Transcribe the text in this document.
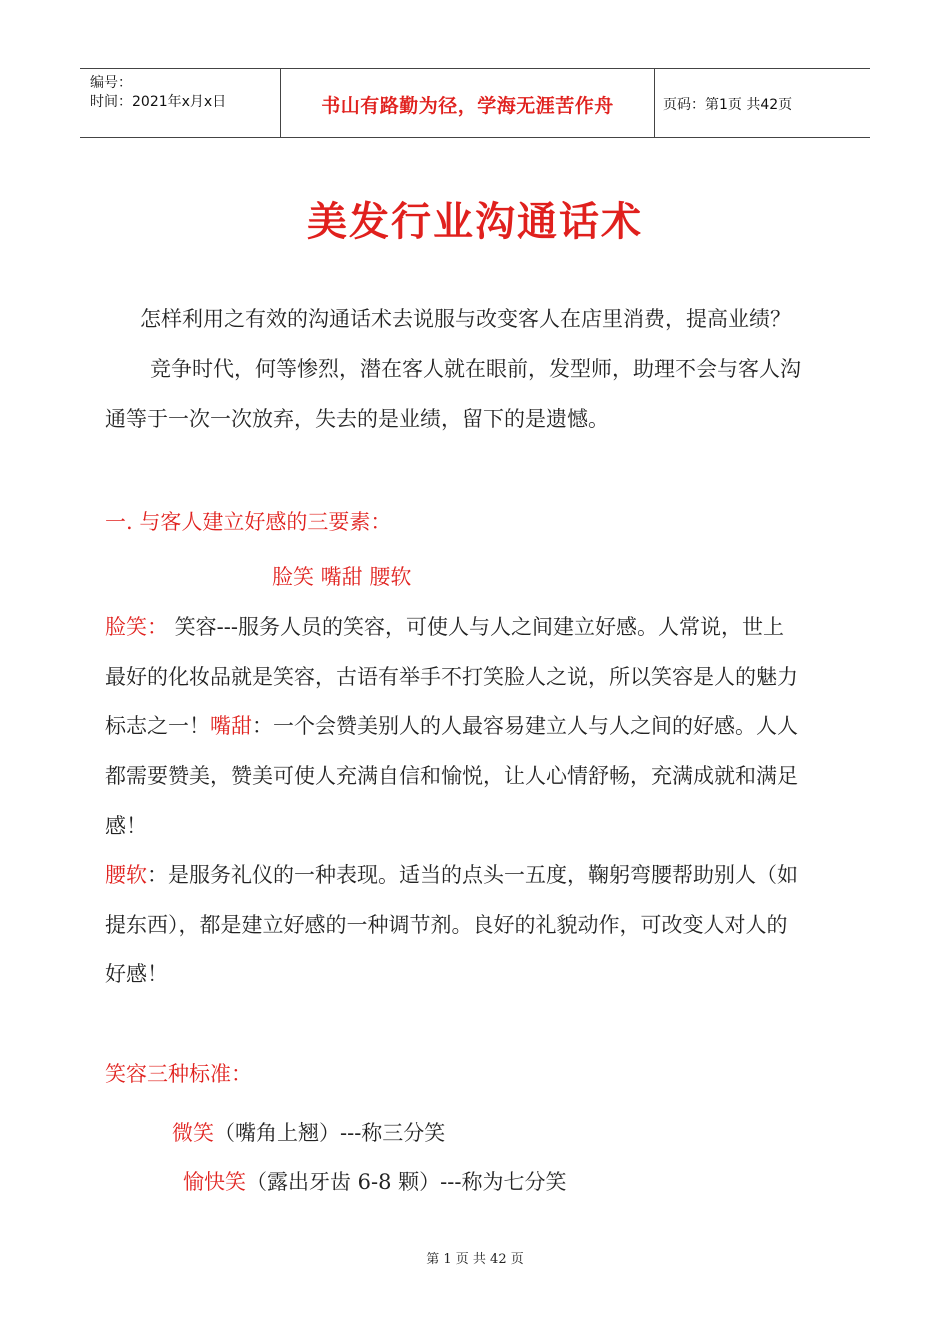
编号：
时间：2021年x月x日	书山有路勤为径，学海无涯苦作舟	页码：第1页 共42页
美发行业沟通话术
怎样利用之有效的沟通话术去说服与改变客人在店里消费，提高业绩？
竞争时代，何等惨烈，潜在客人就在眼前，发型师，助理不会与客人沟
通等于一次一次放弃，失去的是业绩，留下的是遗憾。
一. 与客人建立好感的三要素：
脸笑 嘴甜 腰软
脸笑： 笑容---服务人员的笑容，可使人与人之间建立好感。人常说，世上
最好的化妆品就是笑容，古语有举手不打笑脸人之说，所以笑容是人的魅力
标志之一！嘴甜：一个会赞美别人的人最容易建立人与人之间的好感。人人
都需要赞美，赞美可使人充满自信和愉悦，让人心情舒畅，充满成就和满足
感！
腰软：是服务礼仪的一种表现。适当的点头一五度，鞠躬弯腰帮助别人（如
提东西），都是建立好感的一种调节剂。良好的礼貌动作，可改变人对人的
好感！
笑容三种标准：
微笑（嘴角上翘）---称三分笑
愉快笑（露出牙齿 6-8 颗）---称为七分笑
第 1 页 共 42 页
